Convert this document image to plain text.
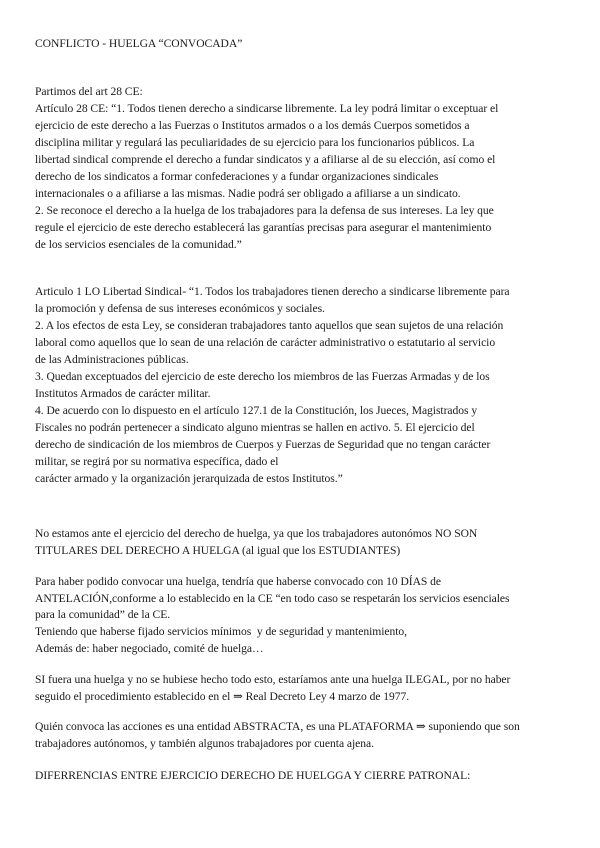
CONFLICTO - HUELGA “CONVOCADA”
Partimos del art 28 CE:
Artículo 28 CE: “1. Todos tienen derecho a sindicarse libremente. La ley podrá limitar o exceptuar el
ejercicio de este derecho a las Fuerzas o Institutos armados o a los demás Cuerpos sometidos a
disciplina militar y regulará las peculiaridades de su ejercicio para los funcionarios públicos. La
libertad sindical comprende el derecho a fundar sindicatos y a afiliarse al de su elección, así como el
derecho de los sindicatos a formar confederaciones y a fundar organizaciones sindicales
internacionales o a afiliarse a las mismas. Nadie podrá ser obligado a afiliarse a un sindicato.
2. Se reconoce el derecho a la huelga de los trabajadores para la defensa de sus intereses. La ley que
regule el ejercicio de este derecho establecerá las garantías precisas para asegurar el mantenimiento
de los servicios esenciales de la comunidad.”
Articulo 1 LO Libertad Sindical- “1. Todos los trabajadores tienen derecho a sindicarse libremente para
la promoción y defensa de sus intereses económicos y sociales.
2. A los efectos de esta Ley, se consideran trabajadores tanto aquellos que sean sujetos de una relación
laboral como aquellos que lo sean de una relación de carácter administrativo o estatutario al servicio
de las Administraciones públicas.
3. Quedan exceptuados del ejercicio de este derecho los miembros de las Fuerzas Armadas y de los
Institutos Armados de carácter militar.
4. De acuerdo con lo dispuesto en el artículo 127.1 de la Constitución, los Jueces, Magistrados y
Fiscales no podrán pertenecer a sindicato alguno mientras se hallen en activo. 5. El ejercicio del
derecho de sindicación de los miembros de Cuerpos y Fuerzas de Seguridad que no tengan carácter
militar, se regirá por su normativa específica, dado el
carácter armado y la organización jerarquizada de estos Institutos.”
No estamos ante el ejercicio del derecho de huelga, ya que los trabajadores autonómos NO SON
TITULARES DEL DERECHO A HUELGA (al igual que los ESTUDIANTES)
Para haber podido convocar una huelga, tendría que haberse convocado con 10 DÍAS de
ANTELACIÓN,conforme a lo establecido en la CE “en todo caso se respetarán los servicios esenciales
para la comunidad” de la CE.
Teniendo que haberse fijado servicios mínimos  y de seguridad y mantenimiento,
Además de: haber negociado, comité de huelga…
SI fuera una huelga y no se hubiese hecho todo esto, estaríamos ante una huelga ILEGAL, por no haber
seguido el procedimiento establecido en el ⇒ Real Decreto Ley 4 marzo de 1977.
Quién convoca las acciones es una entidad ABSTRACTA, es una PLATAFORMA ⇒ suponiendo que son
trabajadores autónomos, y también algunos trabajadores por cuenta ajena.
DIFERRENCIAS ENTRE EJERCICIO DERECHO DE HUELGGA Y CIERRE PATRONAL:
